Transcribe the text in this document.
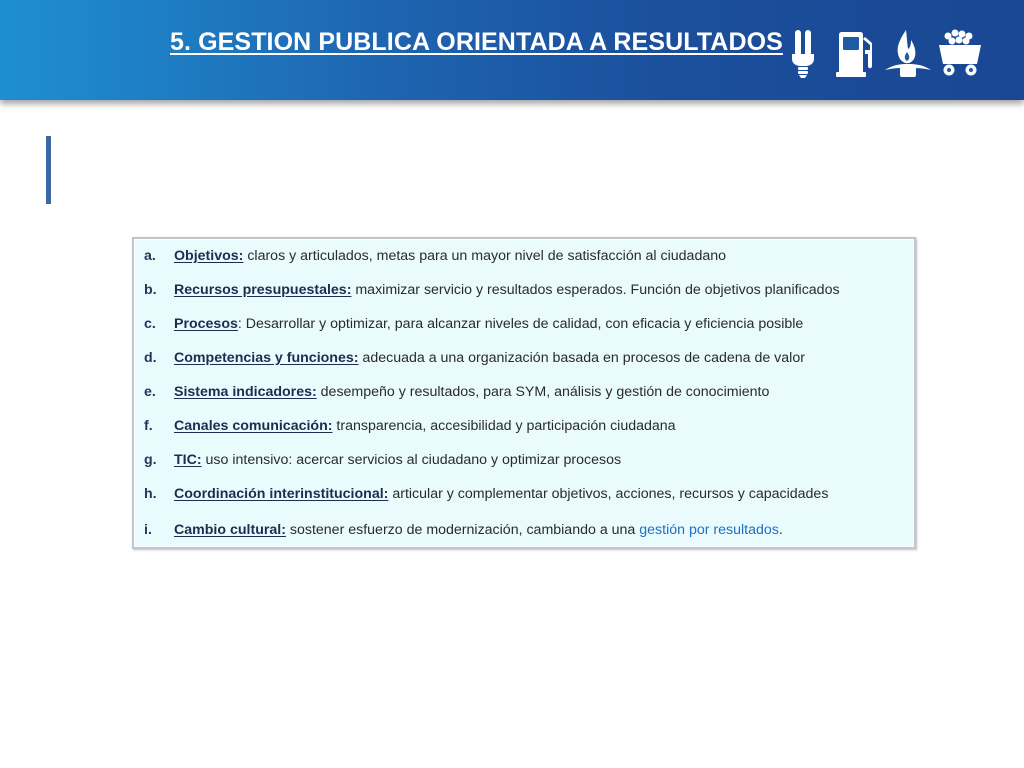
5. GESTION PUBLICA ORIENTADA A RESULTADOS
a.	Objetivos: claros y articulados, metas para un mayor nivel de satisfacción al ciudadano
b.	Recursos presupuestales: maximizar servicio y resultados esperados. Función de objetivos planificados
c.	Procesos: Desarrollar y optimizar, para alcanzar niveles de calidad, con eficacia y eficiencia posible
d.	Competencias y funciones: adecuada a una organización basada en procesos de cadena de valor
e.	Sistema indicadores: desempeño y resultados, para SYM, análisis y gestión de conocimiento
f.	Canales comunicación: transparencia, accesibilidad y participación ciudadana
g.	TIC: uso intensivo: acercar servicios al ciudadano y optimizar procesos
h.	Coordinación interinstitucional: articular y complementar objetivos, acciones, recursos y capacidades
i.	Cambio cultural: sostener esfuerzo de modernización, cambiando a una gestión por resultados.
